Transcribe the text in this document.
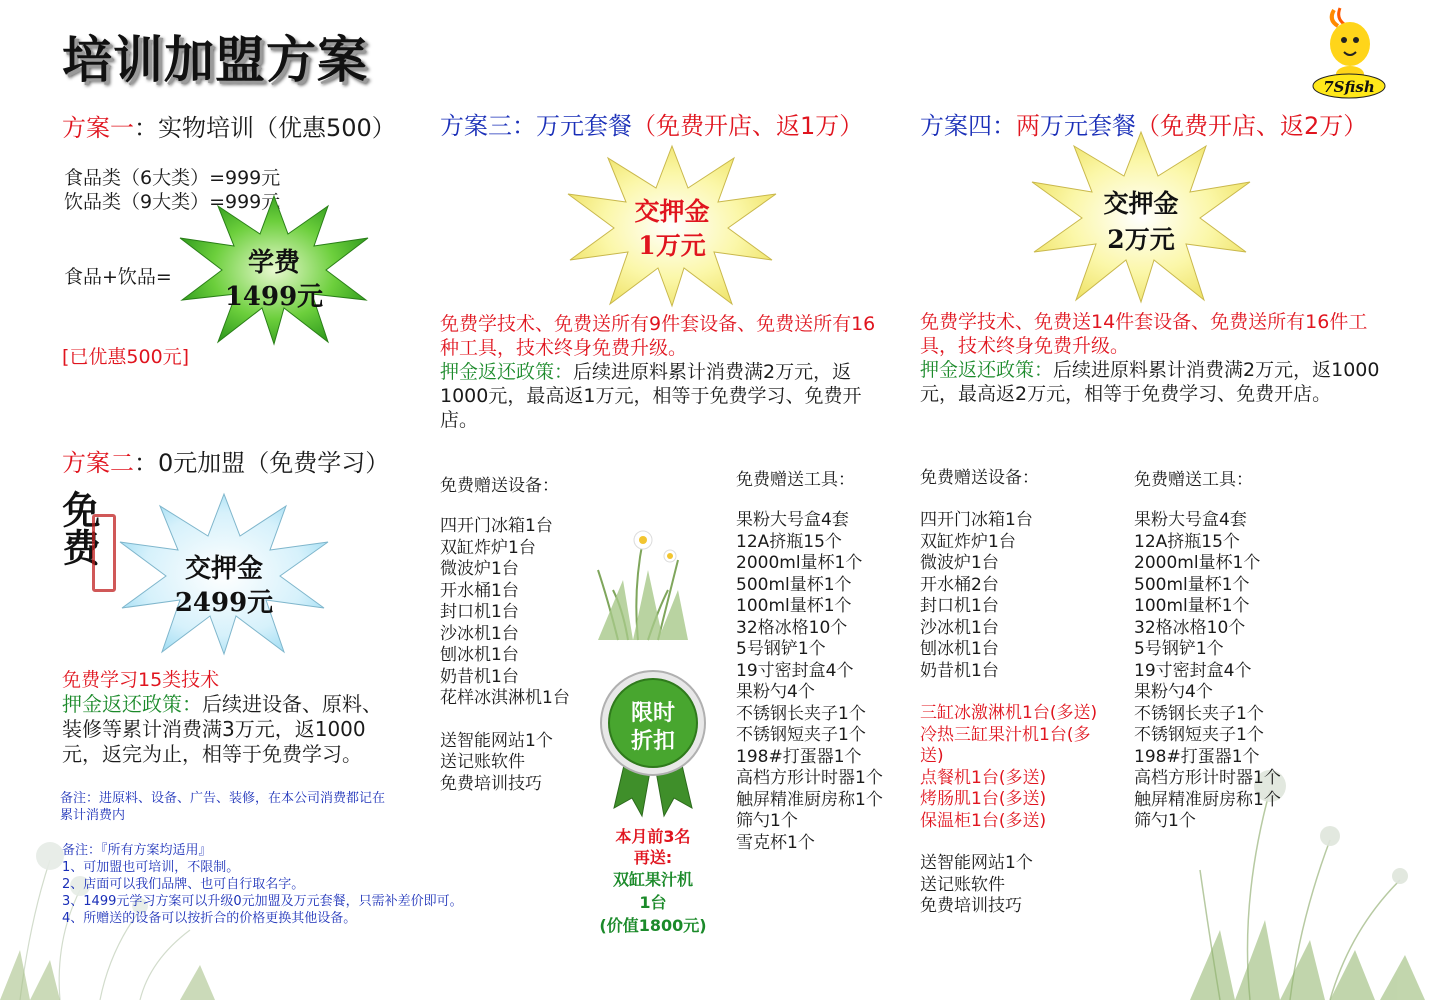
培训加盟方案	7Sfish
方案一：实物培训（优惠500）
食品类（6大类）=999元
饮品类（9大类）=999元
食品+饮品=	学费
1499元
[已优惠500元]
方案二：0元加盟（免费学习）
免费
交押金
2499元
免费学习15类技术
押金返还政策：后续进设备、原料、装修等累计消费满3万元，返1000元，返完为止，相等于免费学习。
备注：进原料、设备、广告、装修，在本公司消费都记在累计消费内
备注：『所有方案均适用』
1、可加盟也可培训，不限制。
2、店面可以我们品牌、也可自行取名字。
3、1499元学习方案可以升级0元加盟及万元套餐，只需补差价即可。
4、所赠送的设备可以按折合的价格更换其他设备。
方案三：万元套餐（免费开店、返1万）
交押金
1万元
免费学技术、免费送所有9件套设备、免费送所有16种工具，技术终身免费升级。
押金返还政策：后续进原料累计消费满2万元，返1000元，最高返1万元，相等于免费学习、免费开店。
免费赠送设备：
四开门冰箱1台
双缸炸炉1台
微波炉1台
开水桶1台
封口机1台
沙冰机1台
刨冰机1台
奶昔机1台
花样冰淇淋机1台
送智能网站1个
送记账软件
免费培训技巧
免费赠送工具：
果粉大号盒4套
12A挤瓶15个
2000ml量杯1个
500ml量杯1个
100ml量杯1个
32格冰格10个
5号钢铲1个
19寸密封盒4个
果粉勺4个
不锈钢长夹子1个
不锈钢短夹子1个
198#打蛋器1个
高档方形计时器1个
触屏精准厨房称1个
筛勺1个
雪克杯1个
限时
折扣
本月前3名
再送:
双缸果汁机
1台
(价值1800元)
方案四：两万元套餐（免费开店、返2万）
交押金
2万元
免费学技术、免费送14件套设备、免费送所有16件工具，技术终身免费升级。
押金返还政策：后续进原料累计消费满2万元，返1000元，最高返2万元，相等于免费学习、免费开店。
免费赠送设备：
四开门冰箱1台
双缸炸炉1台
微波炉1台
开水桶2台
封口机1台
沙冰机1台
刨冰机1台
奶昔机1台
三缸冰激淋机1台(多送)
冷热三缸果汁机1台(多送)
点餐机1台(多送)
烤肠肌1台(多送)
保温柜1台(多送)
送智能网站1个
送记账软件
免费培训技巧
免费赠送工具：
果粉大号盒4套
12A挤瓶15个
2000ml量杯1个
500ml量杯1个
100ml量杯1个
32格冰格10个
5号钢铲1个
19寸密封盒4个
果粉勺4个
不锈钢长夹子1个
不锈钢短夹子1个
198#打蛋器1个
高档方形计时器1个
触屏精准厨房称1个
筛勺1个
